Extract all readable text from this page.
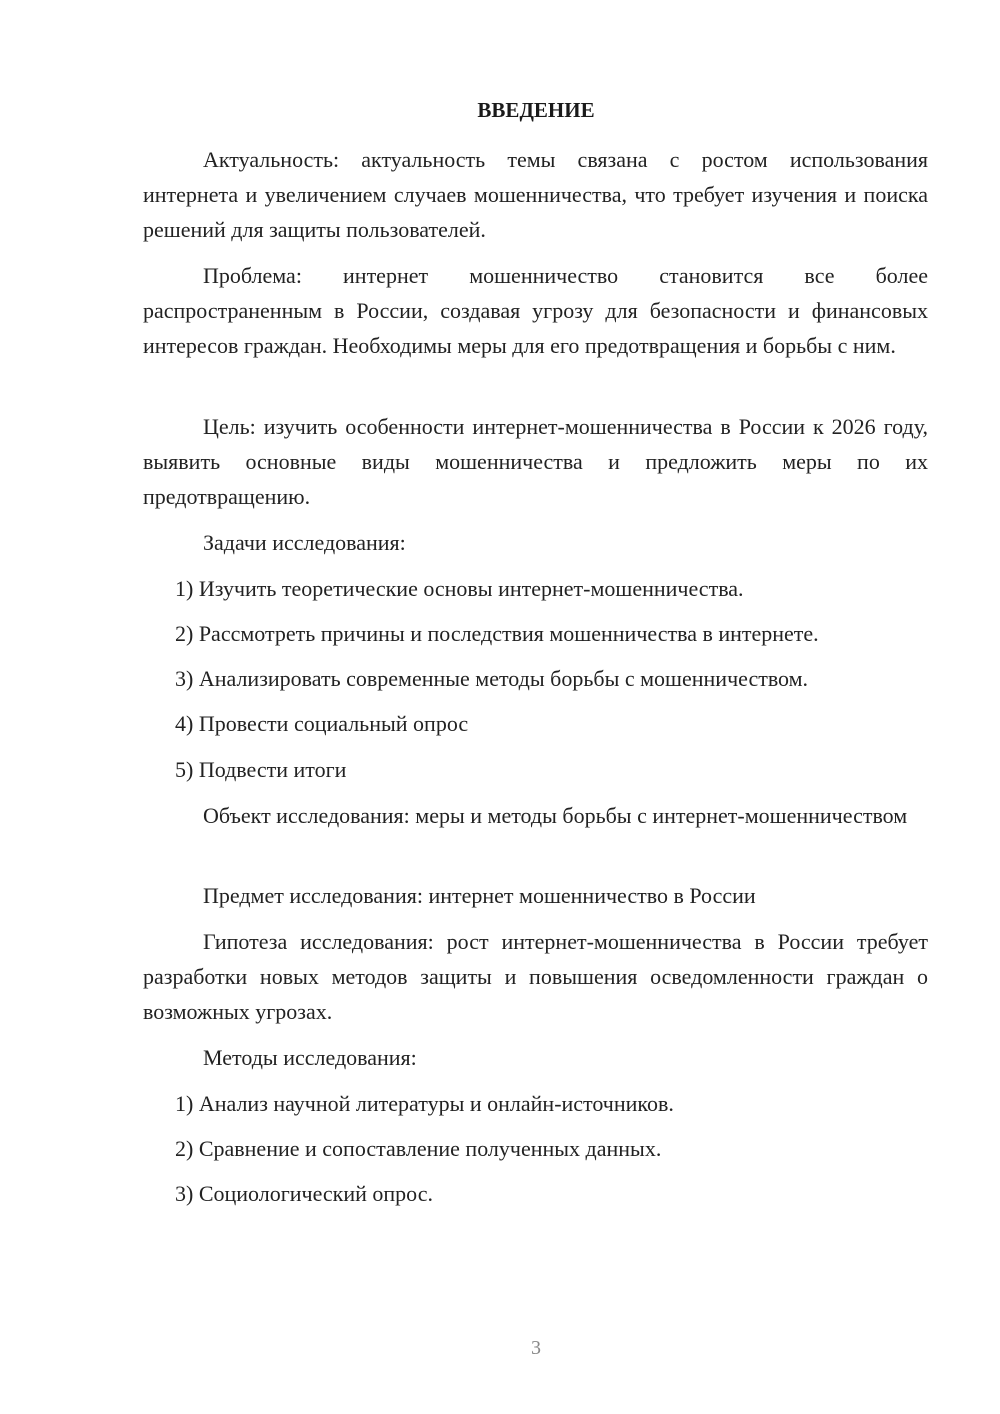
ВВЕДЕНИЕ

Актуальность: актуальность темы связана с ростом использования интернета и увеличением случаев мошенничества, что требует изучения и поиска решений для защиты пользователей.

Проблема: интернет мошенничество становится все более распространенным в России, создавая угрозу для безопасности и финансовых интересов граждан. Необходимы меры для его предотвращения и борьбы с ним.

Цель: изучить особенности интернет-мошенничества в России к 2026 году, выявить основные виды мошенничества и предложить меры по их предотвращению.

Задачи исследования:

1) Изучить теоретические основы интернет-мошенничества.

2) Рассмотреть причины и последствия мошенничества в интернете.

3) Анализировать современные методы борьбы с мошенничеством.

4) Провести социальный опрос

5) Подвести итоги

Объект исследования: меры и методы борьбы с интернет-мошенничеством

Предмет исследования: интернет мошенничество в России

Гипотеза исследования: рост интернет-мошенничества в России требует разработки новых методов защиты и повышения осведомленности граждан о возможных угрозах.

Методы исследования:

1) Анализ научной литературы и онлайн-источников.

2) Сравнение и сопоставление полученных данных.

3) Социологический опрос.

3
